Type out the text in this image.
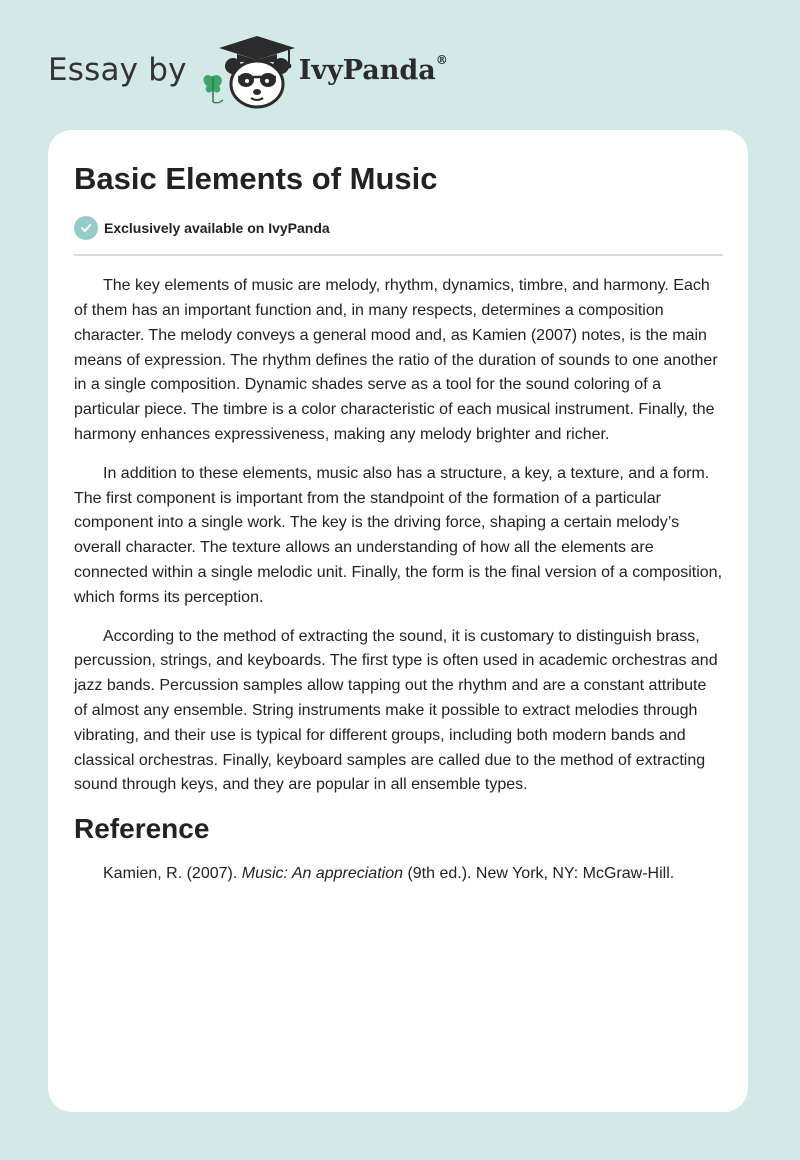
Essay by	IvyPanda®
Basic Elements of Music
Exclusively available on IvyPanda

The key elements of music are melody, rhythm, dynamics, timbre, and harmony. Each of them has an important function and, in many respects, determines a composition character. The melody conveys a general mood and, as Kamien (2007) notes, is the main means of expression. The rhythm defines the ratio of the duration of sounds to one another in a single composition. Dynamic shades serve as a tool for the sound coloring of a particular piece. The timbre is a color characteristic of each musical instrument. Finally, the harmony enhances expressiveness, making any melody brighter and richer.

In addition to these elements, music also has a structure, a key, a texture, and a form. The first component is important from the standpoint of the formation of a particular component into a single work. The key is the driving force, shaping a certain melody’s overall character. The texture allows an understanding of how all the elements are connected within a single melodic unit. Finally, the form is the final version of a composition, which forms its perception.

According to the method of extracting the sound, it is customary to distinguish brass, percussion, strings, and keyboards. The first type is often used in academic orchestras and jazz bands. Percussion samples allow tapping out the rhythm and are a constant attribute of almost any ensemble. String instruments make it possible to extract melodies through vibrating, and their use is typical for different groups, including both modern bands and classical orchestras. Finally, keyboard samples are called due to the method of extracting sound through keys, and they are popular in all ensemble types.

Reference
Kamien, R. (2007). Music: An appreciation (9th ed.). New York, NY: McGraw-Hill.
